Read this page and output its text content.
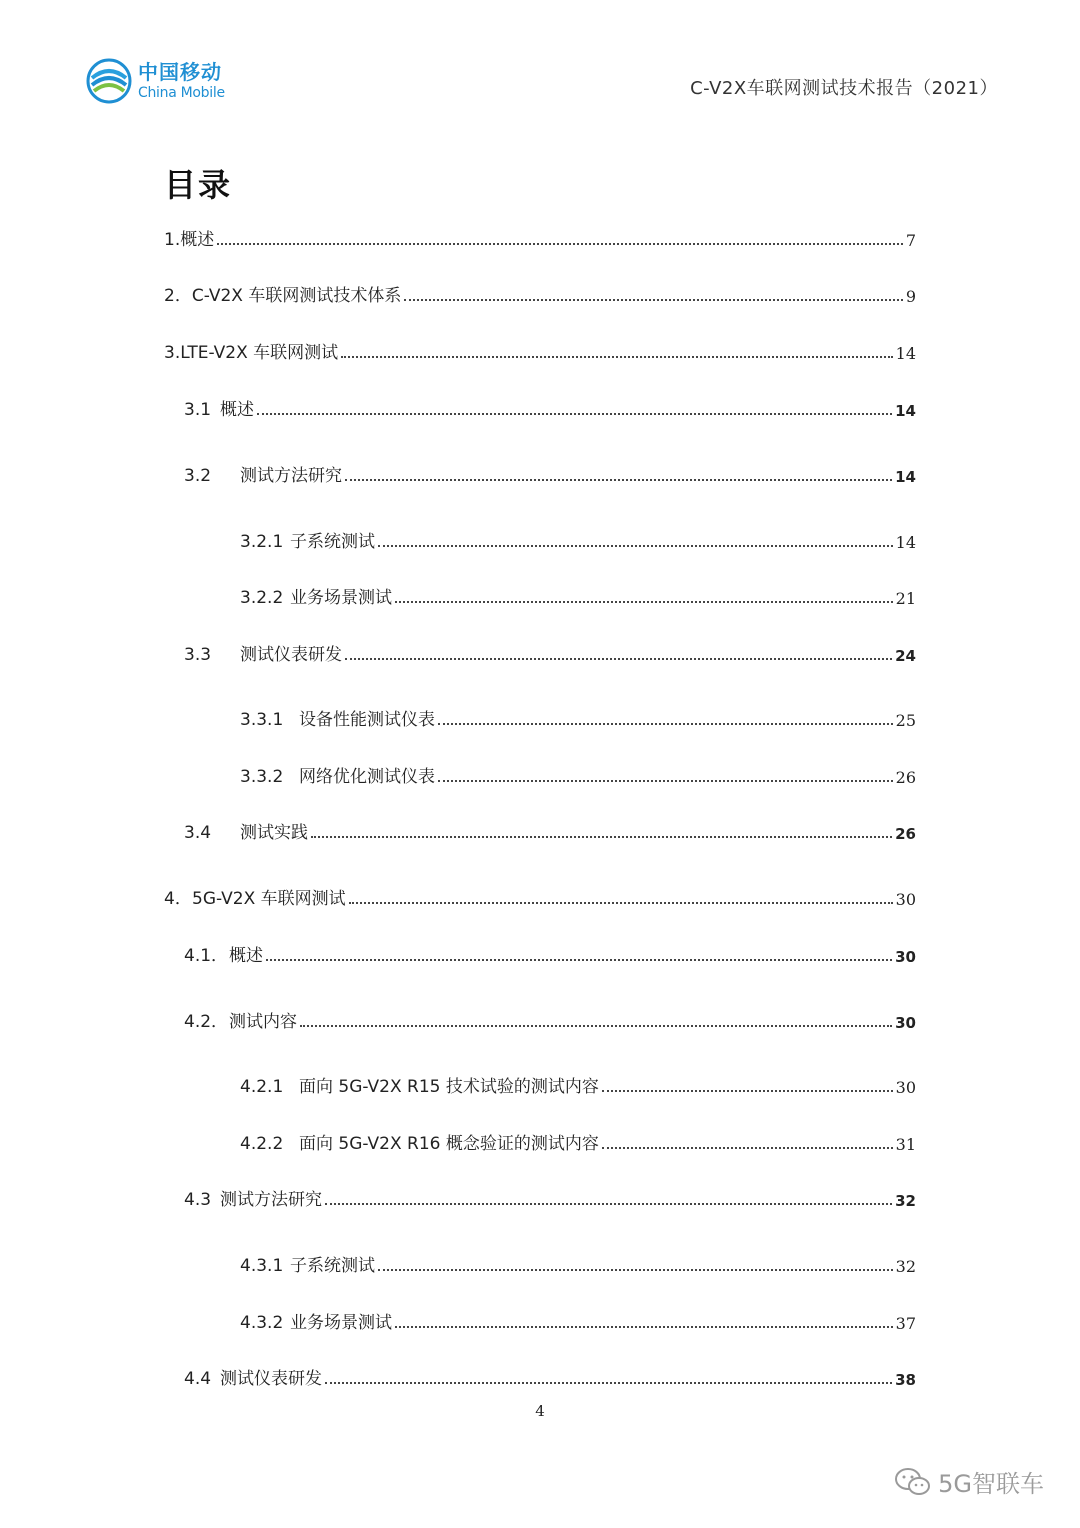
中国移动
China Mobile	C-V2X车联网测试技术报告（2021）
目录
1. 概述	7
2． C-V2X 车联网测试技术体系	9
3. LTE-V2X 车联网测试	14
3.1 概述	14
3.2	测试方法研究	14
3.2.1 子系统测试	14
3.2.2 业务场景测试	21
3.3	测试仪表研发	24
3.3.1 设备性能测试仪表	25
3.3.2 网络优化测试仪表	26
3.4	测试实践	26
4． 5G-V2X 车联网测试	30
4.1． 概述	30
4.2． 测试内容	30
4.2.1 面向 5G-V2X R15 技术试验的测试内容	30
4.2.2 面向 5G-V2X R16 概念验证的测试内容	31
4.3 测试方法研究	32
4.3.1 子系统测试	32
4.3.2 业务场景测试	37
4.4 测试仪表研发	38
4
5G智联车
